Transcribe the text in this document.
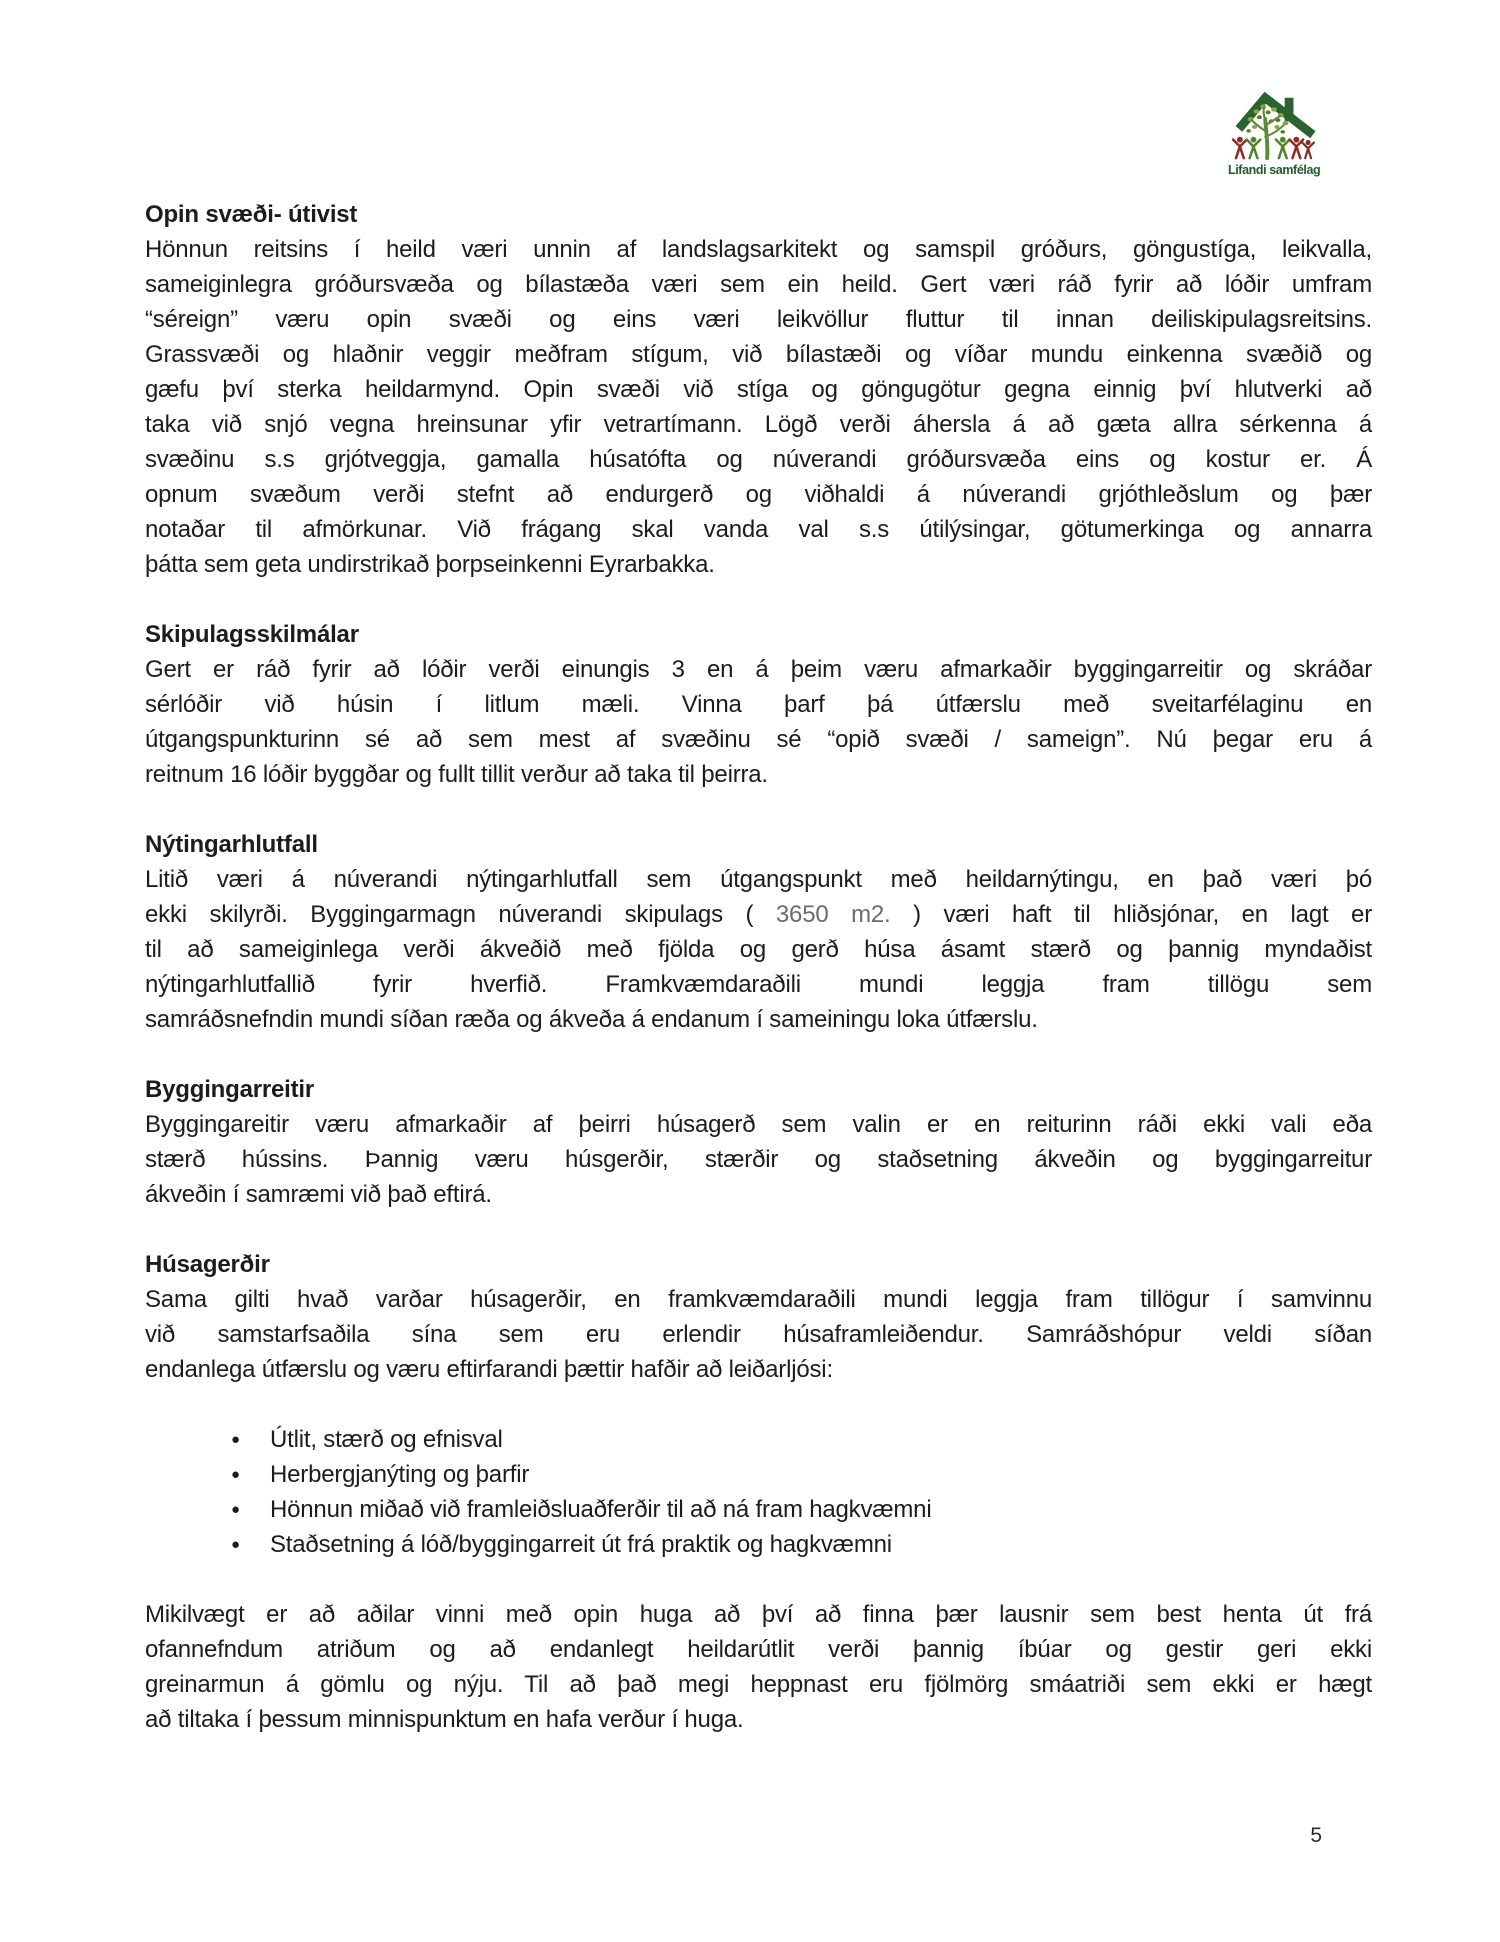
Lifandi samfélag
Opin svæði- útivist
Hönnun reitsins í heild væri unnin af landslagsarkitekt og samspil gróðurs, göngustíga, leikvalla,
sameiginlegra gróðursvæða og bílastæða væri sem ein heild. Gert væri ráð fyrir að lóðir umfram
“séreign” væru opin svæði og eins væri leikvöllur fluttur til innan deiliskipulagsreitsins.
Grassvæði og hlaðnir veggir meðfram stígum, við bílastæði og víðar mundu einkenna svæðið og
gæfu því sterka heildarmynd. Opin svæði við stíga og göngugötur gegna einnig því hlutverki að
taka við snjó vegna hreinsunar yfir vetrartímann. Lögð verði áhersla á að gæta allra sérkenna á
svæðinu s.s grjótveggja, gamalla húsatófta og núverandi gróðursvæða eins og kostur er. Á
opnum svæðum verði stefnt að endurgerð og viðhaldi á núverandi grjóthleðslum og þær
notaðar til afmörkunar. Við frágang skal vanda val s.s útilýsingar, götumerkinga og annarra
þátta sem geta undirstrikað þorpseinkenni Eyrarbakka.
Skipulagsskilmálar
Gert er ráð fyrir að lóðir verði einungis 3 en á þeim væru afmarkaðir byggingarreitir og skráðar
sérlóðir við húsin í litlum mæli. Vinna þarf þá útfærslu með sveitarfélaginu en
útgangspunkturinn sé að sem mest af svæðinu sé “opið svæði / sameign”. Nú þegar eru á
reitnum 16 lóðir byggðar og fullt tillit verður að taka til þeirra.
Nýtingarhlutfall
Litið væri á núverandi nýtingarhlutfall sem útgangspunkt með heildarnýtingu, en það væri þó
ekki skilyrði. Byggingarmagn núverandi skipulags ( 3650 m2. ) væri haft til hliðsjónar, en lagt er
til að sameiginlega verði ákveðið með fjölda og gerð húsa ásamt stærð og þannig myndaðist
nýtingarhlutfallið fyrir hverfið. Framkvæmdaraðili mundi leggja fram tillögu sem
samráðsnefndin mundi síðan ræða og ákveða á endanum í sameiningu loka útfærslu.
Byggingarreitir
Byggingareitir væru afmarkaðir af þeirri húsagerð sem valin er en reiturinn ráði ekki vali eða
stærð hússins. Þannig væru húsgerðir, stærðir og staðsetning ákveðin og byggingarreitur
ákveðin í samræmi við það eftirá.
Húsagerðir
Sama gilti hvað varðar húsagerðir, en framkvæmdaraðili mundi leggja fram tillögur í samvinnu
við samstarfsaðila sína sem eru erlendir húsaframleiðendur. Samráðshópur veldi síðan
endanlega útfærslu og væru eftirfarandi þættir hafðir að leiðarljósi:
● Útlit, stærð og efnisval
● Herbergjanýting og þarfir
● Hönnun miðað við framleiðsluaðferðir til að ná fram hagkvæmni
● Staðsetning á lóð/byggingarreit út frá praktik og hagkvæmni
Mikilvægt er að aðilar vinni með opin huga að því að finna þær lausnir sem best henta út frá
ofannefndum atriðum og að endanlegt heildarútlit verði þannig íbúar og gestir geri ekki
greinarmun á gömlu og nýju. Til að það megi heppnast eru fjölmörg smáatriði sem ekki er hægt
að tiltaka í þessum minnispunktum en hafa verður í huga.
5
